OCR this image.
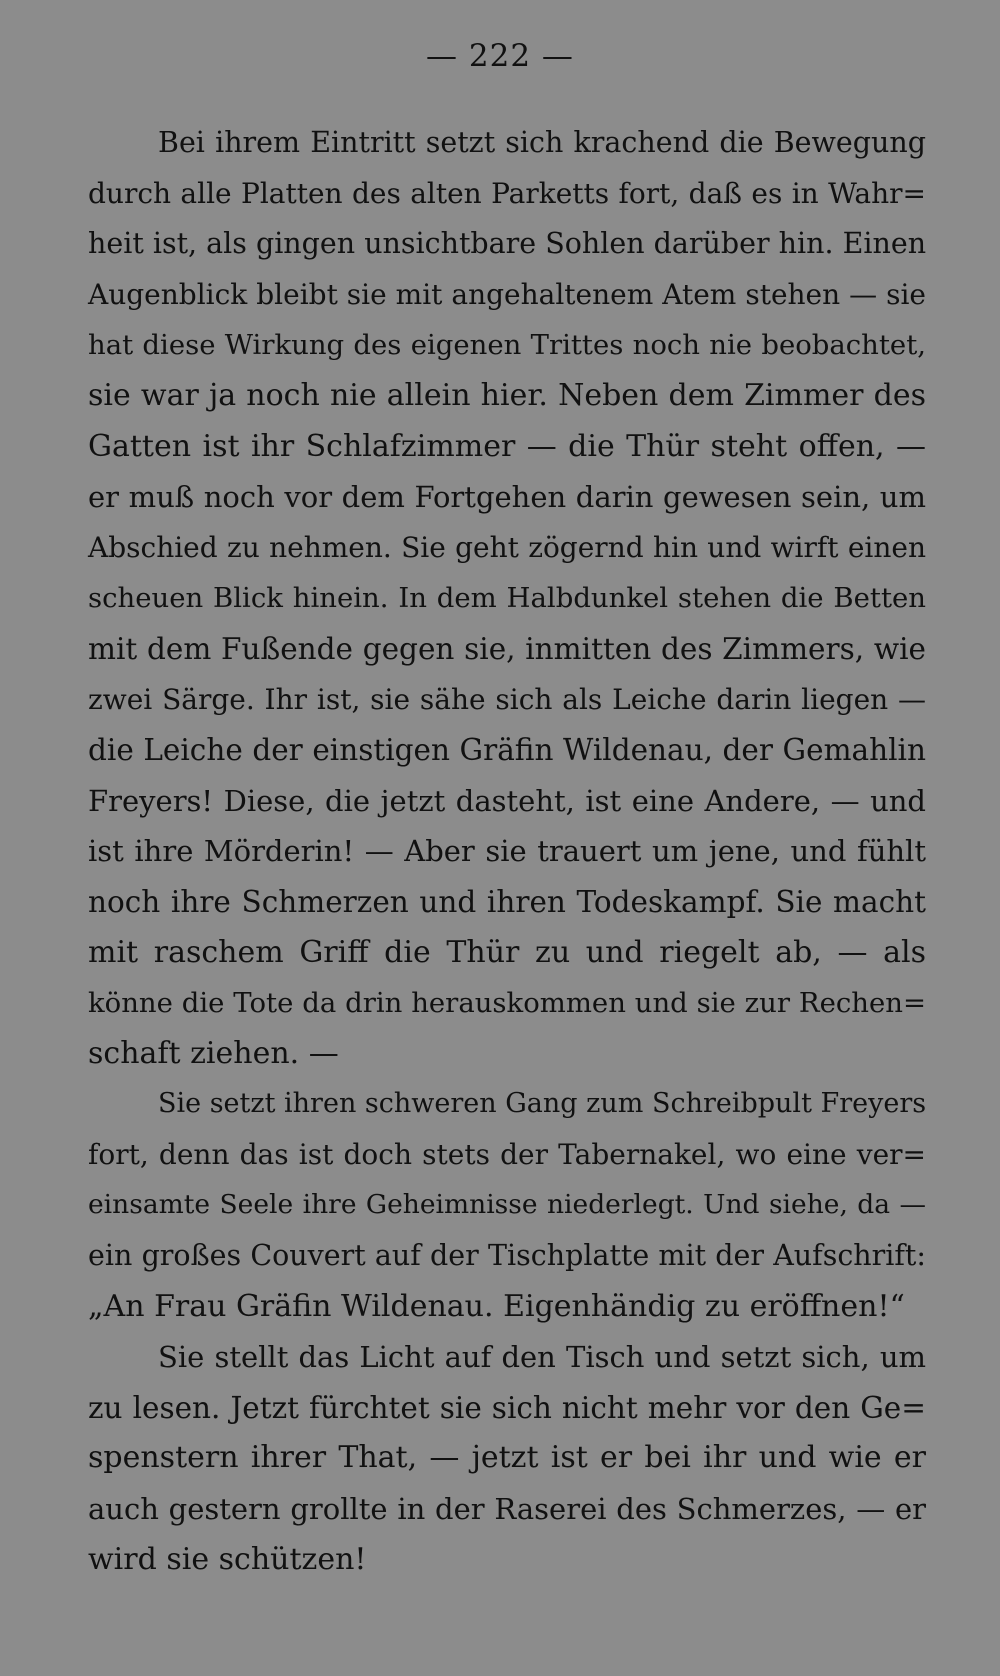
— 222 —
Bei ihrem Eintritt setzt sich krachend die Bewegung
durch alle Platten des alten Parketts fort, daß es in Wahr=
heit ist, als gingen unsichtbare Sohlen darüber hin. Einen
Augenblick bleibt sie mit angehaltenem Atem stehen — sie
hat diese Wirkung des eigenen Trittes noch nie beobachtet,
sie war ja noch nie allein hier. Neben dem Zimmer des
Gatten ist ihr Schlafzimmer — die Thür steht offen, —
er muß noch vor dem Fortgehen darin gewesen sein, um
Abschied zu nehmen. Sie geht zögernd hin und wirft einen
scheuen Blick hinein. In dem Halbdunkel stehen die Betten
mit dem Fußende gegen sie, inmitten des Zimmers, wie
zwei Särge. Ihr ist, sie sähe sich als Leiche darin liegen —
die Leiche der einstigen Gräfin Wildenau, der Gemahlin
Freyers! Diese, die jetzt dasteht, ist eine Andere, — und
ist ihre Mörderin! — Aber sie trauert um jene, und fühlt
noch ihre Schmerzen und ihren Todeskampf. Sie macht
mit raschem Griff die Thür zu und riegelt ab, — als
könne die Tote da drin herauskommen und sie zur Rechen=
schaft ziehen. —
Sie setzt ihren schweren Gang zum Schreibpult Freyers
fort, denn das ist doch stets der Tabernakel, wo eine ver=
einsamte Seele ihre Geheimnisse niederlegt. Und siehe, da —
ein großes Couvert auf der Tischplatte mit der Aufschrift:
„An Frau Gräfin Wildenau. Eigenhändig zu eröffnen!“
Sie stellt das Licht auf den Tisch und setzt sich, um
zu lesen. Jetzt fürchtet sie sich nicht mehr vor den Ge=
spenstern ihrer That, — jetzt ist er bei ihr und wie er
auch gestern grollte in der Raserei des Schmerzes, — er
wird sie schützen!
